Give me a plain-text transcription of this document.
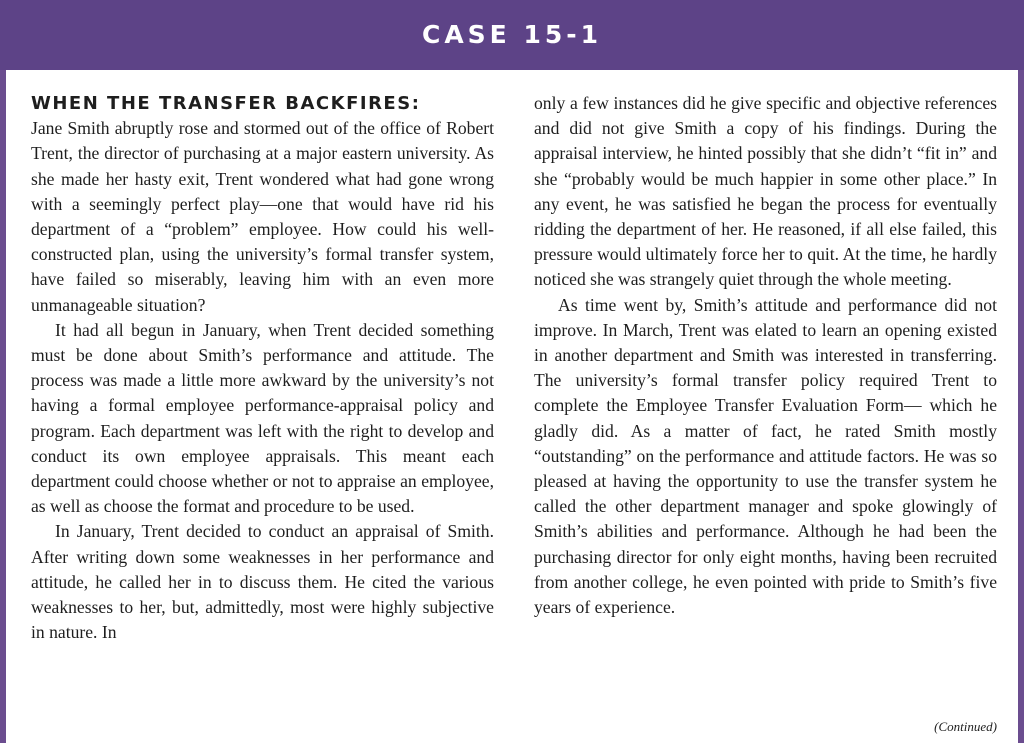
CASE 15-1
WHEN THE TRANSFER BACKFIRES:

Jane Smith abruptly rose and stormed out of the office of Robert Trent, the director of purchasing at a major eastern university. As she made her hasty exit, Trent wondered what had gone wrong with a seemingly perfect play—one that would have rid his department of a “problem” employee. How could his well-constructed plan, using the university’s formal transfer system, have failed so miserably, leaving him with an even more unmanageable situation?

It had all begun in January, when Trent decided something must be done about Smith’s performance and attitude. The process was made a little more awkward by the university’s not having a formal employee performance-appraisal policy and program. Each department was left with the right to develop and conduct its own employee appraisals. This meant each department could choose whether or not to appraise an employee, as well as choose the format and procedure to be used.

In January, Trent decided to conduct an appraisal of Smith. After writing down some weaknesses in her performance and attitude, he called her in to discuss them. He cited the various weaknesses to her, but, admittedly, most were highly subjective in nature. In

only a few instances did he give specific and objective references and did not give Smith a copy of his findings. During the appraisal interview, he hinted possibly that she didn’t “fit in” and she “probably would be much happier in some other place.” In any event, he was satisfied he began the process for eventually ridding the department of her. He reasoned, if all else failed, this pressure would ultimately force her to quit. At the time, he hardly noticed she was strangely quiet through the whole meeting.

As time went by, Smith’s attitude and performance did not improve. In March, Trent was elated to learn an opening existed in another department and Smith was interested in transferring. The university’s formal transfer policy required Trent to complete the Employee Transfer Evaluation Form— which he gladly did. As a matter of fact, he rated Smith mostly “outstanding” on the performance and attitude factors. He was so pleased at having the opportunity to use the transfer system he called the other department manager and spoke glowingly of Smith’s abilities and performance. Although he had been the purchasing director for only eight months, having been recruited from another college, he even pointed with pride to Smith’s five years of experience.

(Continued)
